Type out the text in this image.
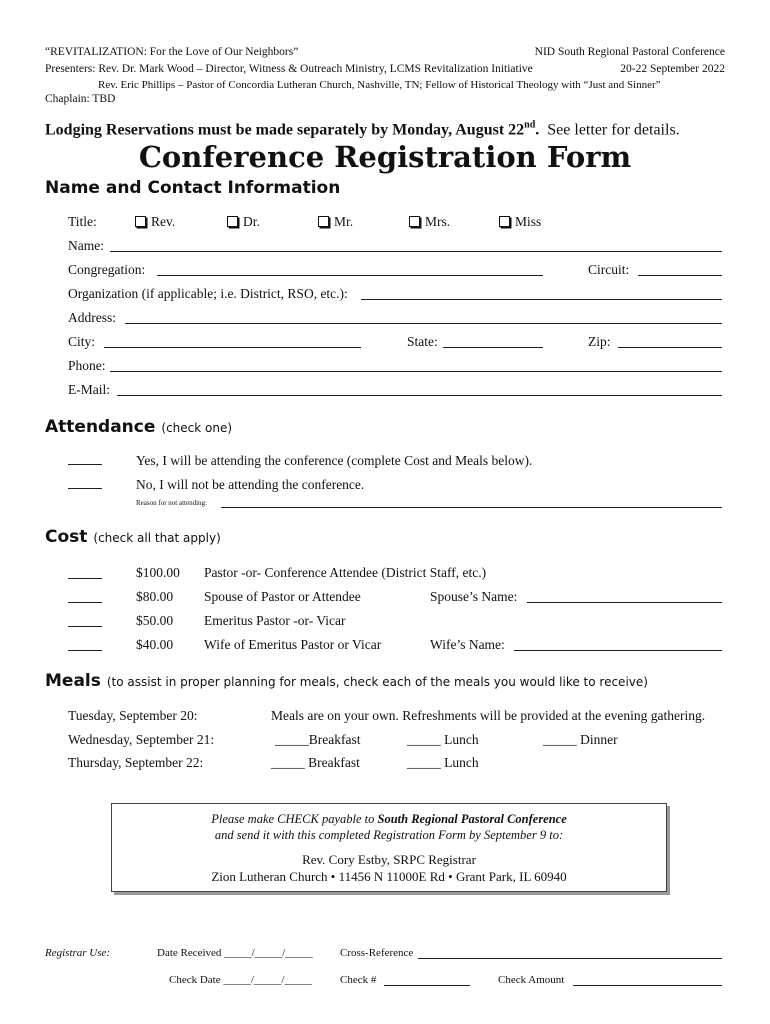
“REVITALIZATION: For the Love of Our Neighbors”	NID South Regional Pastoral Conference
Presenters: Rev. Dr. Mark Wood – Director, Witness & Outreach Ministry, LCMS Revitalization Initiative	20-22 September 2022
Rev. Eric Phillips – Pastor of Concordia Lutheran Church, Nashville, TN; Fellow of Historical Theology with “Just and Sinner”
Chaplain: TBD
Lodging Reservations must be made separately by Monday, August 22nd. See letter for details.
Conference Registration Form
Name and Contact Information
Title:	Rev.	Dr.	Mr.	Mrs.	Miss
Name:
Congregation:	Circuit:
Organization (if applicable; i.e. District, RSO, etc.):
Address:
City:	State:	Zip:
Phone:
E-Mail:
Attendance (check one)
Yes, I will be attending the conference (complete Cost and Meals below).
No, I will not be attending the conference.
Reason for not attending:
Cost (check all that apply)
$100.00 Pastor -or- Conference Attendee (District Staff, etc.)
$80.00 Spouse of Pastor or Attendee	Spouse’s Name:
$50.00 Emeritus Pastor -or- Vicar
$40.00 Wife of Emeritus Pastor or Vicar	Wife’s Name:
Meals (to assist in proper planning for meals, check each of the meals you would like to receive)
Tuesday, September 20:	Meals are on your own. Refreshments will be provided at the evening gathering.
Wednesday, September 21:	_____Breakfast	_____ Lunch	_____ Dinner
Thursday, September 22:	_____ Breakfast	_____ Lunch
Please make CHECK payable to South Regional Pastoral Conference
and send it with this completed Registration Form by September 9 to:
Rev. Cory Estby, SRPC Registrar
Zion Lutheran Church • 11456 N 11000E Rd • Grant Park, IL 60940
Registrar Use:	Date Received _____/_____/_____ Cross-Reference
Check Date _____/_____/_____	Check #	Check Amount
